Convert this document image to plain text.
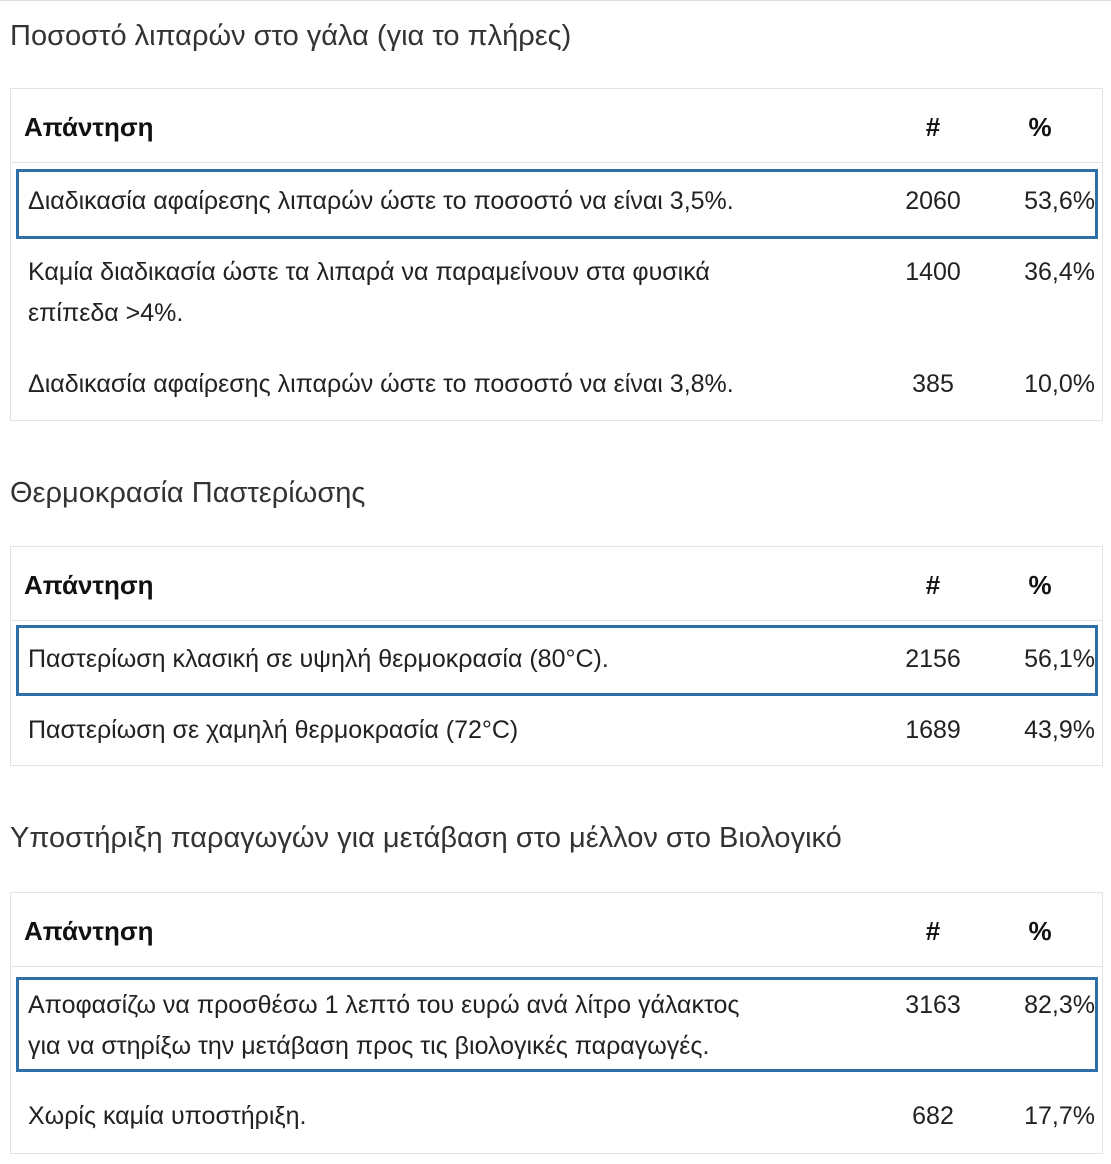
Ποσοστό λιπαρών στο γάλα (για το πλήρες)
Απάντηση	#	%
Διαδικασία αφαίρεσης λιπαρών ώστε το ποσοστό να είναι 3,5%.	2060	53,6%
Καμία διαδικασία ώστε τα λιπαρά να παραμείνουν στα φυσικά
επίπεδα >4%.
1400	36,4%
Διαδικασία αφαίρεσης λιπαρών ώστε το ποσοστό να είναι 3,8%.	385	10,0%
Θερμοκρασία Παστερίωσης
Απάντηση	#	%
Παστερίωση κλασική σε υψηλή θερμοκρασία (80°C).	2156	56,1%
Παστερίωση σε χαμηλή θερμοκρασία (72°C)	1689	43,9%
Υποστήριξη παραγωγών για μετάβαση στο μέλλον στο Βιολογικό
Απάντηση	#	%
Αποφασίζω να προσθέσω 1 λεπτό του ευρώ ανά λίτρο γάλακτος
για να στηρίξω την μετάβαση προς τις βιολογικές παραγωγές.
3163	82,3%
Χωρίς καμία υποστήριξη.	682	17,7%
